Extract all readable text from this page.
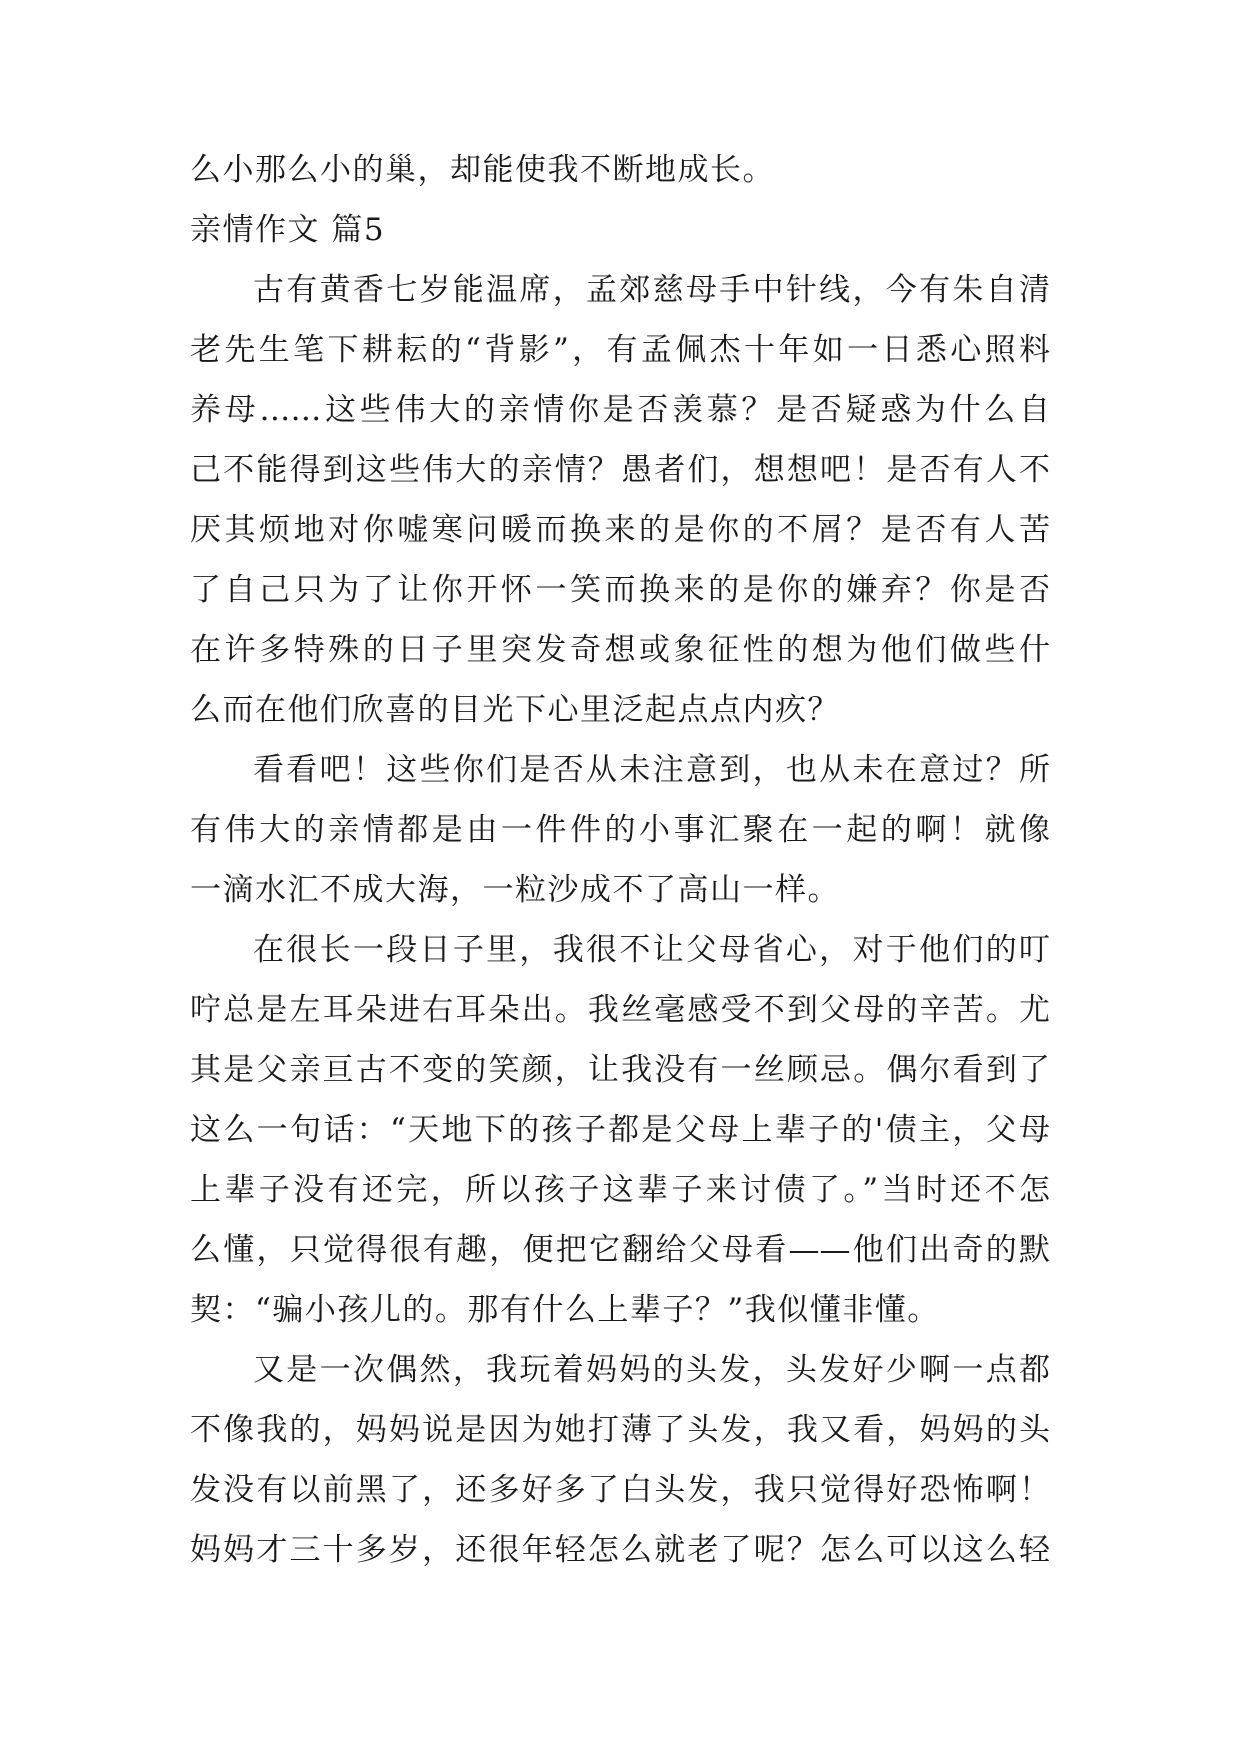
么小那么小的巢，却能使我不断地成长。
亲情作文 篇5
古有黄香七岁能温席，孟郊慈母手中针线，今有朱自清
老先生笔下耕耘的“背影”，有孟佩杰十年如一日悉心照料
养母……这些伟大的亲情你是否羡慕？是否疑惑为什么自
己不能得到这些伟大的亲情？愚者们，想想吧！是否有人不
厌其烦地对你嘘寒问暖而换来的是你的不屑？是否有人苦
了自己只为了让你开怀一笑而换来的是你的嫌弃？你是否
在许多特殊的日子里突发奇想或象征性的想为他们做些什
么而在他们欣喜的目光下心里泛起点点内疚？
看看吧！这些你们是否从未注意到，也从未在意过？所
有伟大的亲情都是由一件件的小事汇聚在一起的啊！就像
一滴水汇不成大海，一粒沙成不了高山一样。
在很长一段日子里，我很不让父母省心，对于他们的叮
咛总是左耳朵进右耳朵出。我丝毫感受不到父母的辛苦。尤
其是父亲亘古不变的笑颜，让我没有一丝顾忌。偶尔看到了
这么一句话：“天地下的孩子都是父母上辈子的'债主，父母
上辈子没有还完，所以孩子这辈子来讨债了。”当时还不怎
么懂，只觉得很有趣，便把它翻给父母看——他们出奇的默
契：“骗小孩儿的。那有什么上辈子？”我似懂非懂。
又是一次偶然，我玩着妈妈的头发，头发好少啊一点都
不像我的，妈妈说是因为她打薄了头发，我又看，妈妈的头
发没有以前黑了，还多好多了白头发，我只觉得好恐怖啊！
妈妈才三十多岁，还很年轻怎么就老了呢？怎么可以这么轻
